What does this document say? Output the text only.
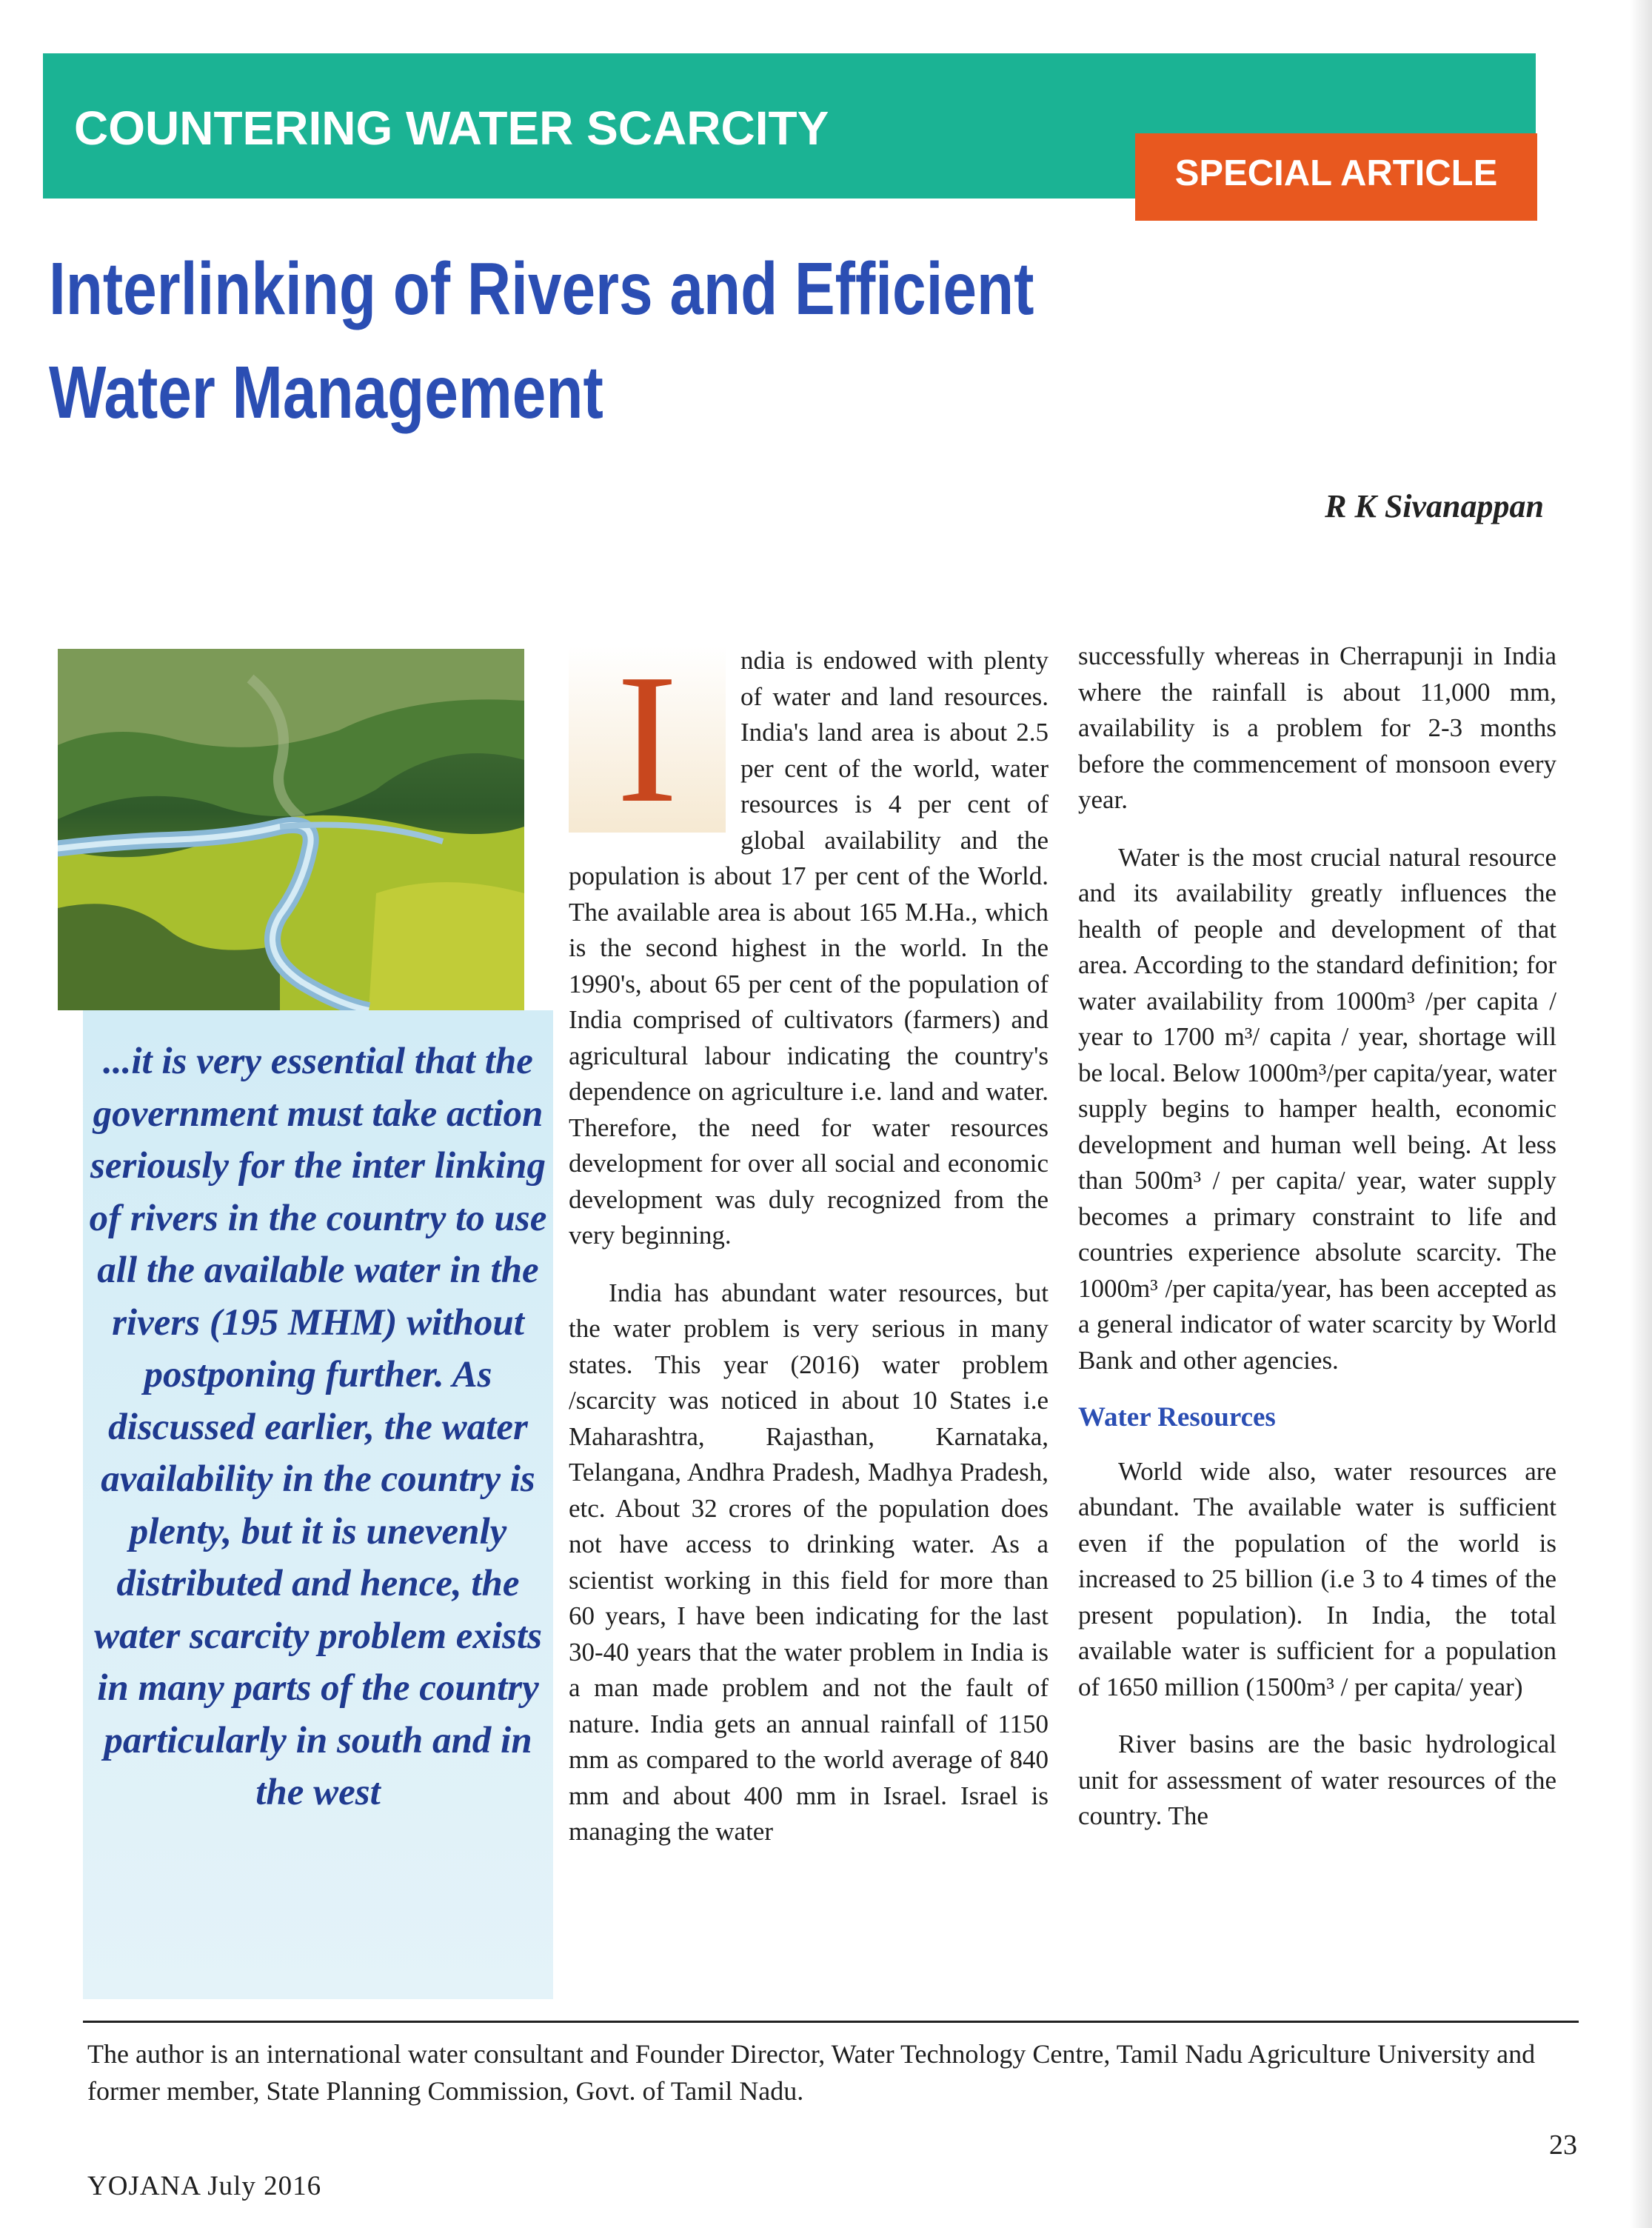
COUNTERING WATER SCARCITY
SPECIAL ARTICLE
Interlinking of Rivers and Efficient Water Management
R K Sivanappan

...it is very essential that the government must take action seriously for the inter linking of rivers in the country to use all the available water in the rivers (195 MHM) without postponing further. As discussed earlier, the water availability in the country is plenty, but it is unevenly distributed and hence, the water scarcity problem exists in many parts of the country particularly in south and in the west

I	ndia is endowed with plenty of water and land resources. India's land area is about 2.5 per cent of the world, water resources is 4 per cent of global availability and the population is about 17 per cent of the World. The available area is about 165 M.Ha., which is the second highest in the world. In the 1990's, about 65 per cent of the population of India comprised of cultivators (farmers) and agricultural labour indicating the country's dependence on agriculture i.e. land and water. Therefore, the need for water resources development for over all social and economic development was duly recognized from the very beginning.

India has abundant water resources, but the water problem is very serious in many states. This year (2016) water problem /scarcity was noticed in about 10 States i.e Maharashtra, Rajasthan, Karnataka, Telangana, Andhra Pradesh, Madhya Pradesh, etc. About 32 crores of the population does not have access to drinking water. As a scientist working in this field for more than 60 years, I have been indicating for the last 30-40 years that the water problem in India is a man made problem and not the fault of nature. India gets an annual rainfall of 1150 mm as compared to the world average of 840 mm and about 400 mm in Israel. Israel is managing the water

successfully whereas in Cherrapunji in India where the rainfall is about 11,000 mm, availability is a problem for 2-3 months before the commencement of monsoon every year.

Water is the most crucial natural resource and its availability greatly influences the health of people and development of that area. According to the standard definition; for water availability from 1000m³ /per capita / year to 1700 m³/ capita / year, shortage will be local. Below 1000m³/per capita/year, water supply begins to hamper health, economic development and human well being. At less than 500m³ / per capita/ year, water supply becomes a primary constraint to life and countries experience absolute scarcity. The 1000m³ /per capita/year, has been accepted as a general indicator of water scarcity by World Bank and other agencies.

Water Resources

World wide also, water resources are abundant. The available water is sufficient even if the population of the world is increased to 25 billion (i.e 3 to 4 times of the present population). In India, the total available water is sufficient for a population of 1650 million (1500m³ / per capita/ year)

River basins are the basic hydrological unit for assessment of water resources of the country. The

The author is an international water consultant and Founder Director, Water Technology Centre, Tamil Nadu Agriculture University and former member, State Planning Commission, Govt. of Tamil Nadu.

23
YOJANA July 2016
